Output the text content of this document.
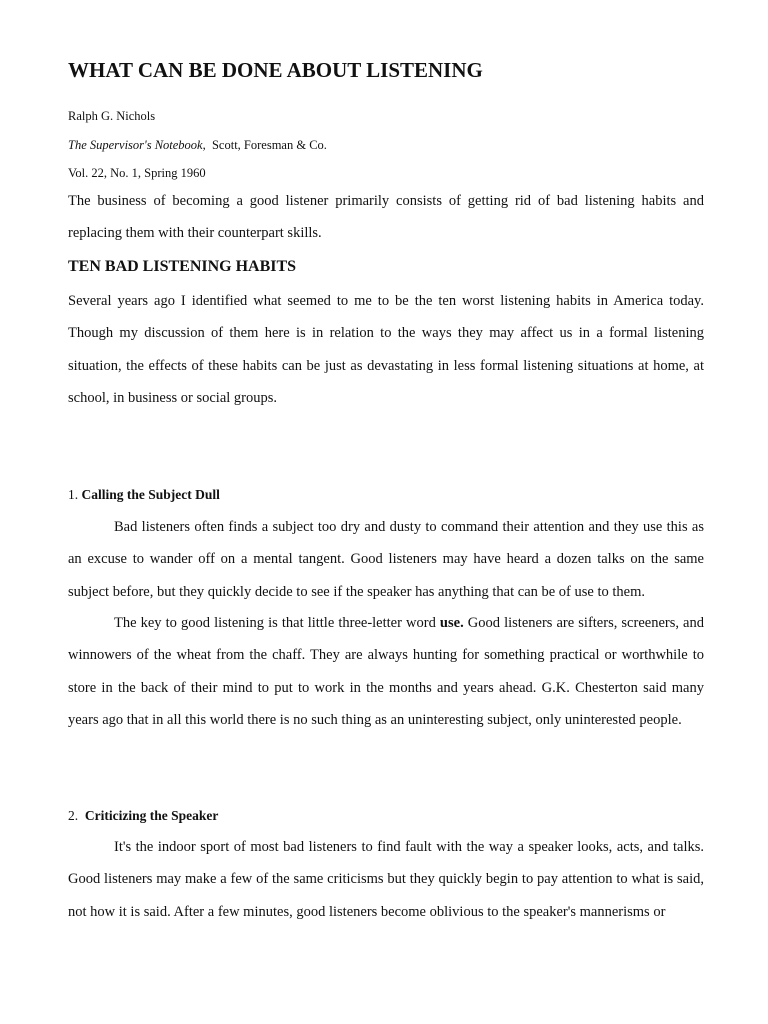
WHAT CAN BE DONE ABOUT LISTENING

Ralph G. Nichols

The Supervisor's Notebook, Scott, Foresman & Co.

Vol. 22, No. 1, Spring 1960

The business of becoming a good listener primarily consists of getting rid of bad listening habits and replacing them with their counterpart skills.

TEN BAD LISTENING HABITS

Several years ago I identified what seemed to me to be the ten worst listening habits in America today. Though my discussion of them here is in relation to the ways they may affect us in a formal listening situation, the effects of these habits can be just as devastating in less formal listening situations at home, at school, in business or social groups.

1. Calling the Subject Dull

Bad listeners often finds a subject too dry and dusty to command their attention and they use this as an excuse to wander off on a mental tangent. Good listeners may have heard a dozen talks on the same subject before, but they quickly decide to see if the speaker has anything that can be of use to them.

The key to good listening is that little three-letter word use. Good listeners are sifters, screeners, and winnowers of the wheat from the chaff. They are always hunting for something practical or worthwhile to store in the back of their mind to put to work in the months and years ahead. G.K. Chesterton said many years ago that in all this world there is no such thing as an uninteresting subject, only uninterested people.

2. Criticizing the Speaker

It's the indoor sport of most bad listeners to find fault with the way a speaker looks, acts, and talks. Good listeners may make a few of the same criticisms but they quickly begin to pay attention to what is said, not how it is said. After a few minutes, good listeners become oblivious to the speaker's mannerisms or
